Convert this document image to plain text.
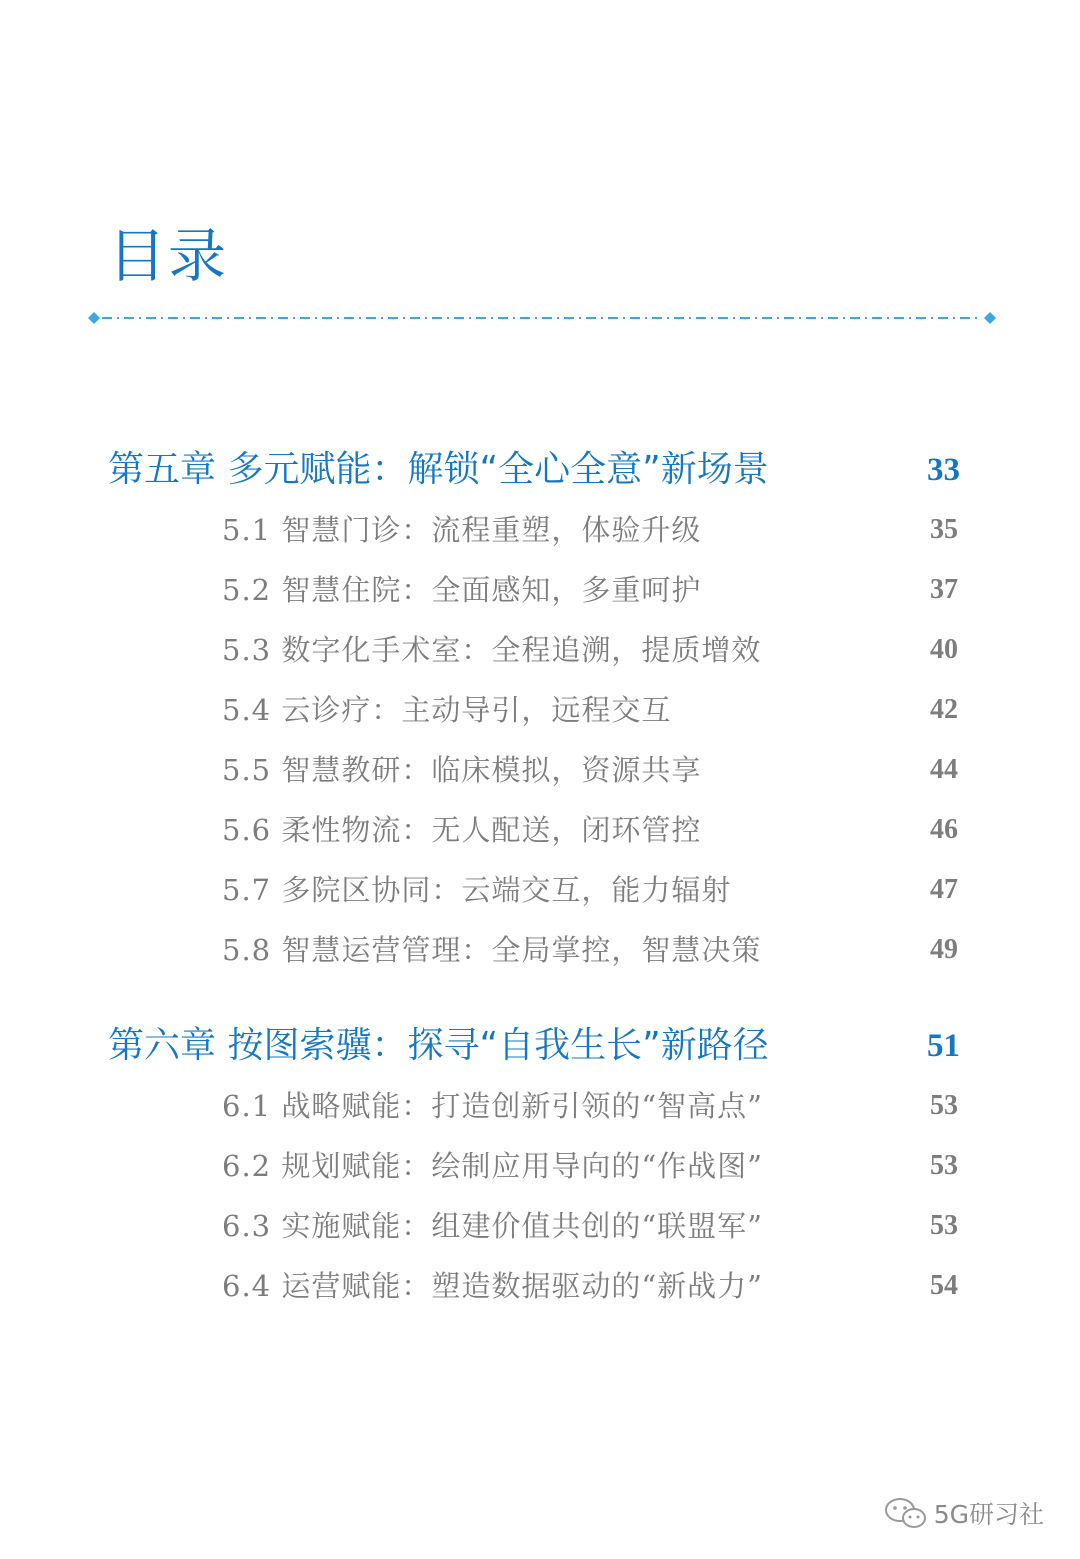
目录
第五章 多元赋能：解锁“全心全意”新场景	33
5.1 智慧门诊：流程重塑，体验升级	35
5.2 智慧住院：全面感知，多重呵护	37
5.3 数字化手术室：全程追溯，提质增效	40
5.4 云诊疗：主动导引，远程交互	42
5.5 智慧教研：临床模拟，资源共享	44
5.6 柔性物流：无人配送，闭环管控	46
5.7 多院区协同：云端交互，能力辐射	47
5.8 智慧运营管理：全局掌控，智慧决策	49
第六章 按图索骥：探寻“自我生长”新路径	51
6.1 战略赋能：打造创新引领的“智高点”	53
6.2 规划赋能：绘制应用导向的“作战图”	53
6.3 实施赋能：组建价值共创的“联盟军”	53
6.4 运营赋能：塑造数据驱动的“新战力”	54
5G研习社
